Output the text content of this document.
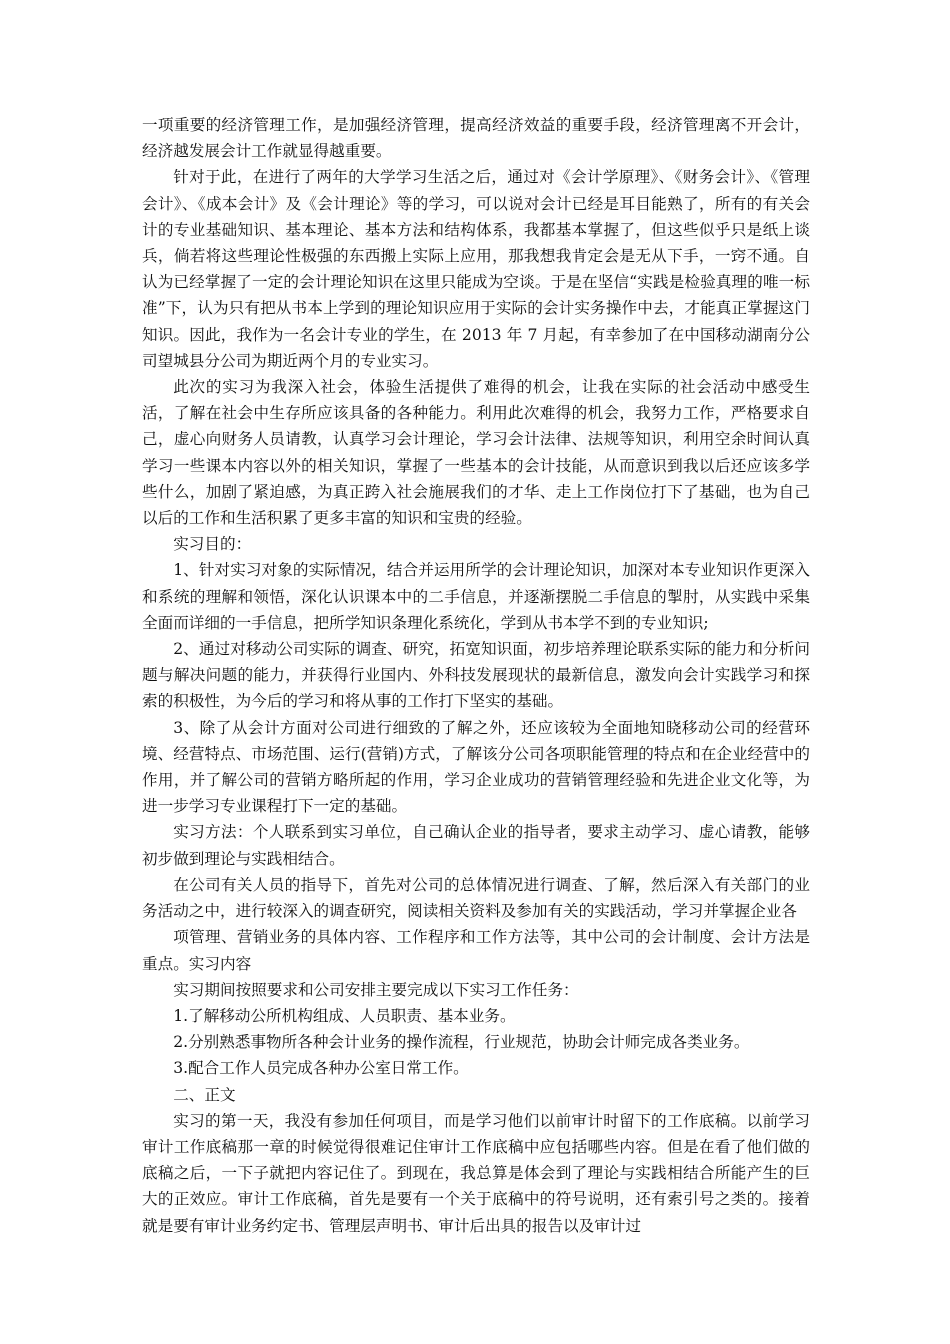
一项重要的经济管理工作，是加强经济管理，提高经济效益的重要手段，经济管理离不开会计，经济越发展会计工作就显得越重要。

针对于此，在进行了两年的大学学习生活之后，通过对《会计学原理》、《财务会计》、《管理会计》、《成本会计》及《会计理论》等的学习，可以说对会计已经是耳目能熟了，所有的有关会计的专业基础知识、基本理论、基本方法和结构体系，我都基本掌握了，但这些似乎只是纸上谈兵，倘若将这些理论性极强的东西搬上实际上应用，那我想我肯定会是无从下手，一窍不通。自认为已经掌握了一定的会计理论知识在这里只能成为空谈。于是在坚信“实践是检验真理的唯一标准”下，认为只有把从书本上学到的理论知识应用于实际的会计实务操作中去，才能真正掌握这门知识。因此，我作为一名会计专业的学生，在 2013 年 7 月起，有幸参加了在中国移动湖南分公司望城县分公司为期近两个月的专业实习。

此次的实习为我深入社会，体验生活提供了难得的机会，让我在实际的社会活动中感受生活，了解在社会中生存所应该具备的各种能力。利用此次难得的机会，我努力工作，严格要求自己，虚心向财务人员请教，认真学习会计理论，学习会计法律、法规等知识，利用空余时间认真学习一些课本内容以外的相关知识，掌握了一些基本的会计技能，从而意识到我以后还应该多学些什么，加剧了紧迫感，为真正跨入社会施展我们的才华、走上工作岗位打下了基础，也为自己以后的工作和生活积累了更多丰富的知识和宝贵的经验。

实习目的：

1、针对实习对象的实际情况，结合并运用所学的会计理论知识，加深对本专业知识作更深入和系统的理解和领悟，深化认识课本中的二手信息，并逐渐摆脱二手信息的掣肘，从实践中采集全面而详细的一手信息，把所学知识条理化系统化，学到从书本学不到的专业知识;

2、通过对移动公司实际的调查、研究，拓宽知识面，初步培养理论联系实际的能力和分析问题与解决问题的能力，并获得行业国内、外科技发展现状的最新信息，激发向会计实践学习和探索的积极性，为今后的学习和将从事的工作打下坚实的基础。

3、除了从会计方面对公司进行细致的了解之外，还应该较为全面地知晓移动公司的经营环境、经营特点、市场范围、运行(营销)方式，了解该分公司各项职能管理的特点和在企业经营中的作用，并了解公司的营销方略所起的作用，学习企业成功的营销管理经验和先进企业文化等，为进一步学习专业课程打下一定的基础。

实习方法：个人联系到实习单位，自己确认企业的指导者，要求主动学习、虚心请教，能够初步做到理论与实践相结合。

在公司有关人员的指导下，首先对公司的总体情况进行调查、了解，然后深入有关部门的业务活动之中，进行较深入的调查研究，阅读相关资料及参加有关的实践活动，学习并掌握企业各

项管理、营销业务的具体内容、工作程序和工作方法等，其中公司的会计制度、会计方法是重点。实习内容

实习期间按照要求和公司安排主要完成以下实习工作任务：

1.了解移动公所机构组成、人员职责、基本业务。

2.分别熟悉事物所各种会计业务的操作流程，行业规范，协助会计师完成各类业务。

3.配合工作人员完成各种办公室日常工作。

二、正文

实习的第一天，我没有参加任何项目，而是学习他们以前审计时留下的工作底稿。以前学习审计工作底稿那一章的时候觉得很难记住审计工作底稿中应包括哪些内容。但是在看了他们做的底稿之后，一下子就把内容记住了。到现在，我总算是体会到了理论与实践相结合所能产生的巨大的正效应。审计工作底稿，首先是要有一个关于底稿中的符号说明，还有索引号之类的。接着就是要有审计业务约定书、管理层声明书、审计后出具的报告以及审计过
